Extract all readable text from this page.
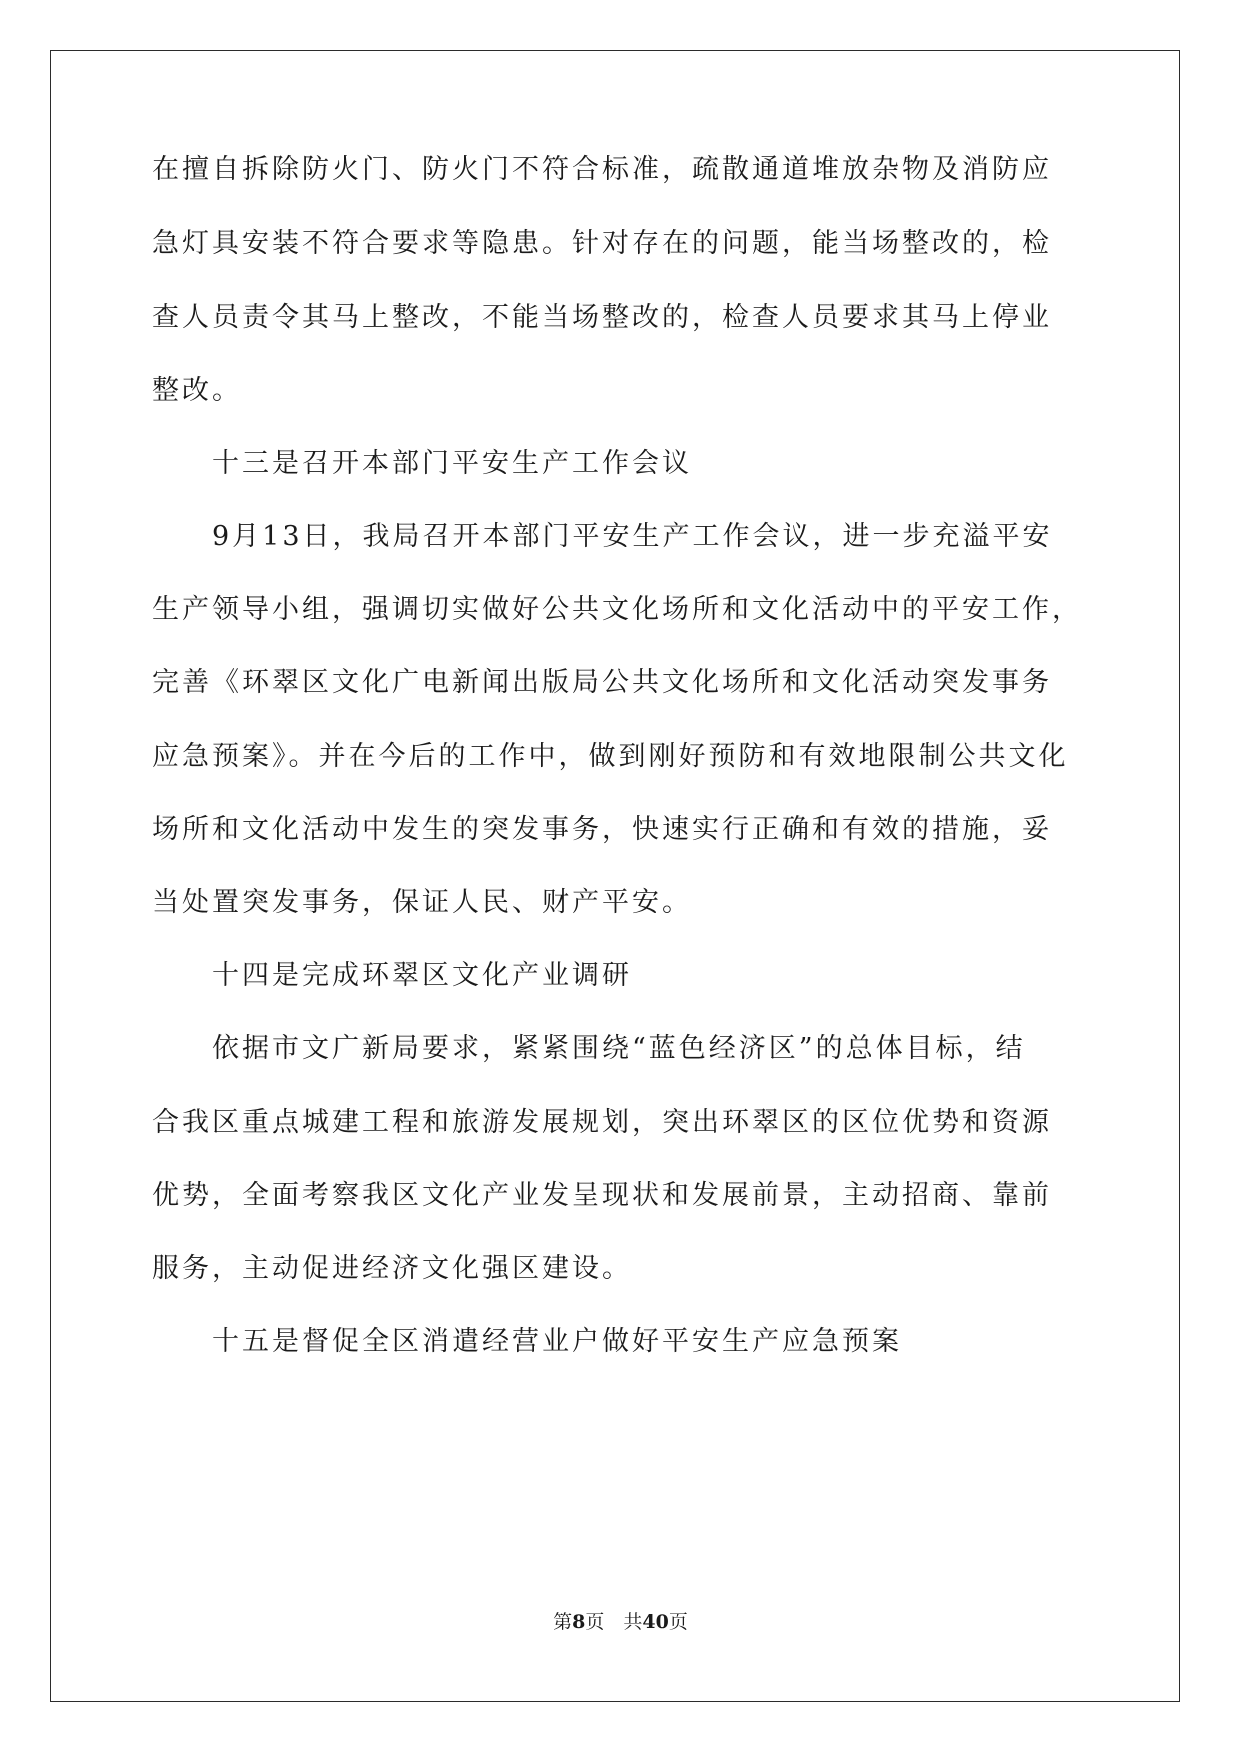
在擅自拆除防火门、防火门不符合标准，疏散通道堆放杂物及消防应
急灯具安装不符合要求等隐患。针对存在的问题，能当场整改的，检
查人员责令其马上整改，不能当场整改的，检查人员要求其马上停业
整改。
十三是召开本部门平安生产工作会议
9月13日，我局召开本部门平安生产工作会议，进一步充溢平安
生产领导小组，强调切实做好公共文化场所和文化活动中的平安工作，
完善《环翠区文化广电新闻出版局公共文化场所和文化活动突发事务
应急预案》。并在今后的工作中，做到刚好预防和有效地限制公共文化
场所和文化活动中发生的突发事务，快速实行正确和有效的措施，妥
当处置突发事务，保证人民、财产平安。
十四是完成环翠区文化产业调研
依据市文广新局要求，紧紧围绕“蓝色经济区”的总体目标，结
合我区重点城建工程和旅游发展规划，突出环翠区的区位优势和资源
优势，全面考察我区文化产业发呈现状和发展前景，主动招商、靠前
服务，主动促进经济文化强区建设。
十五是督促全区消遣经营业户做好平安生产应急预案
第8页　共40页
